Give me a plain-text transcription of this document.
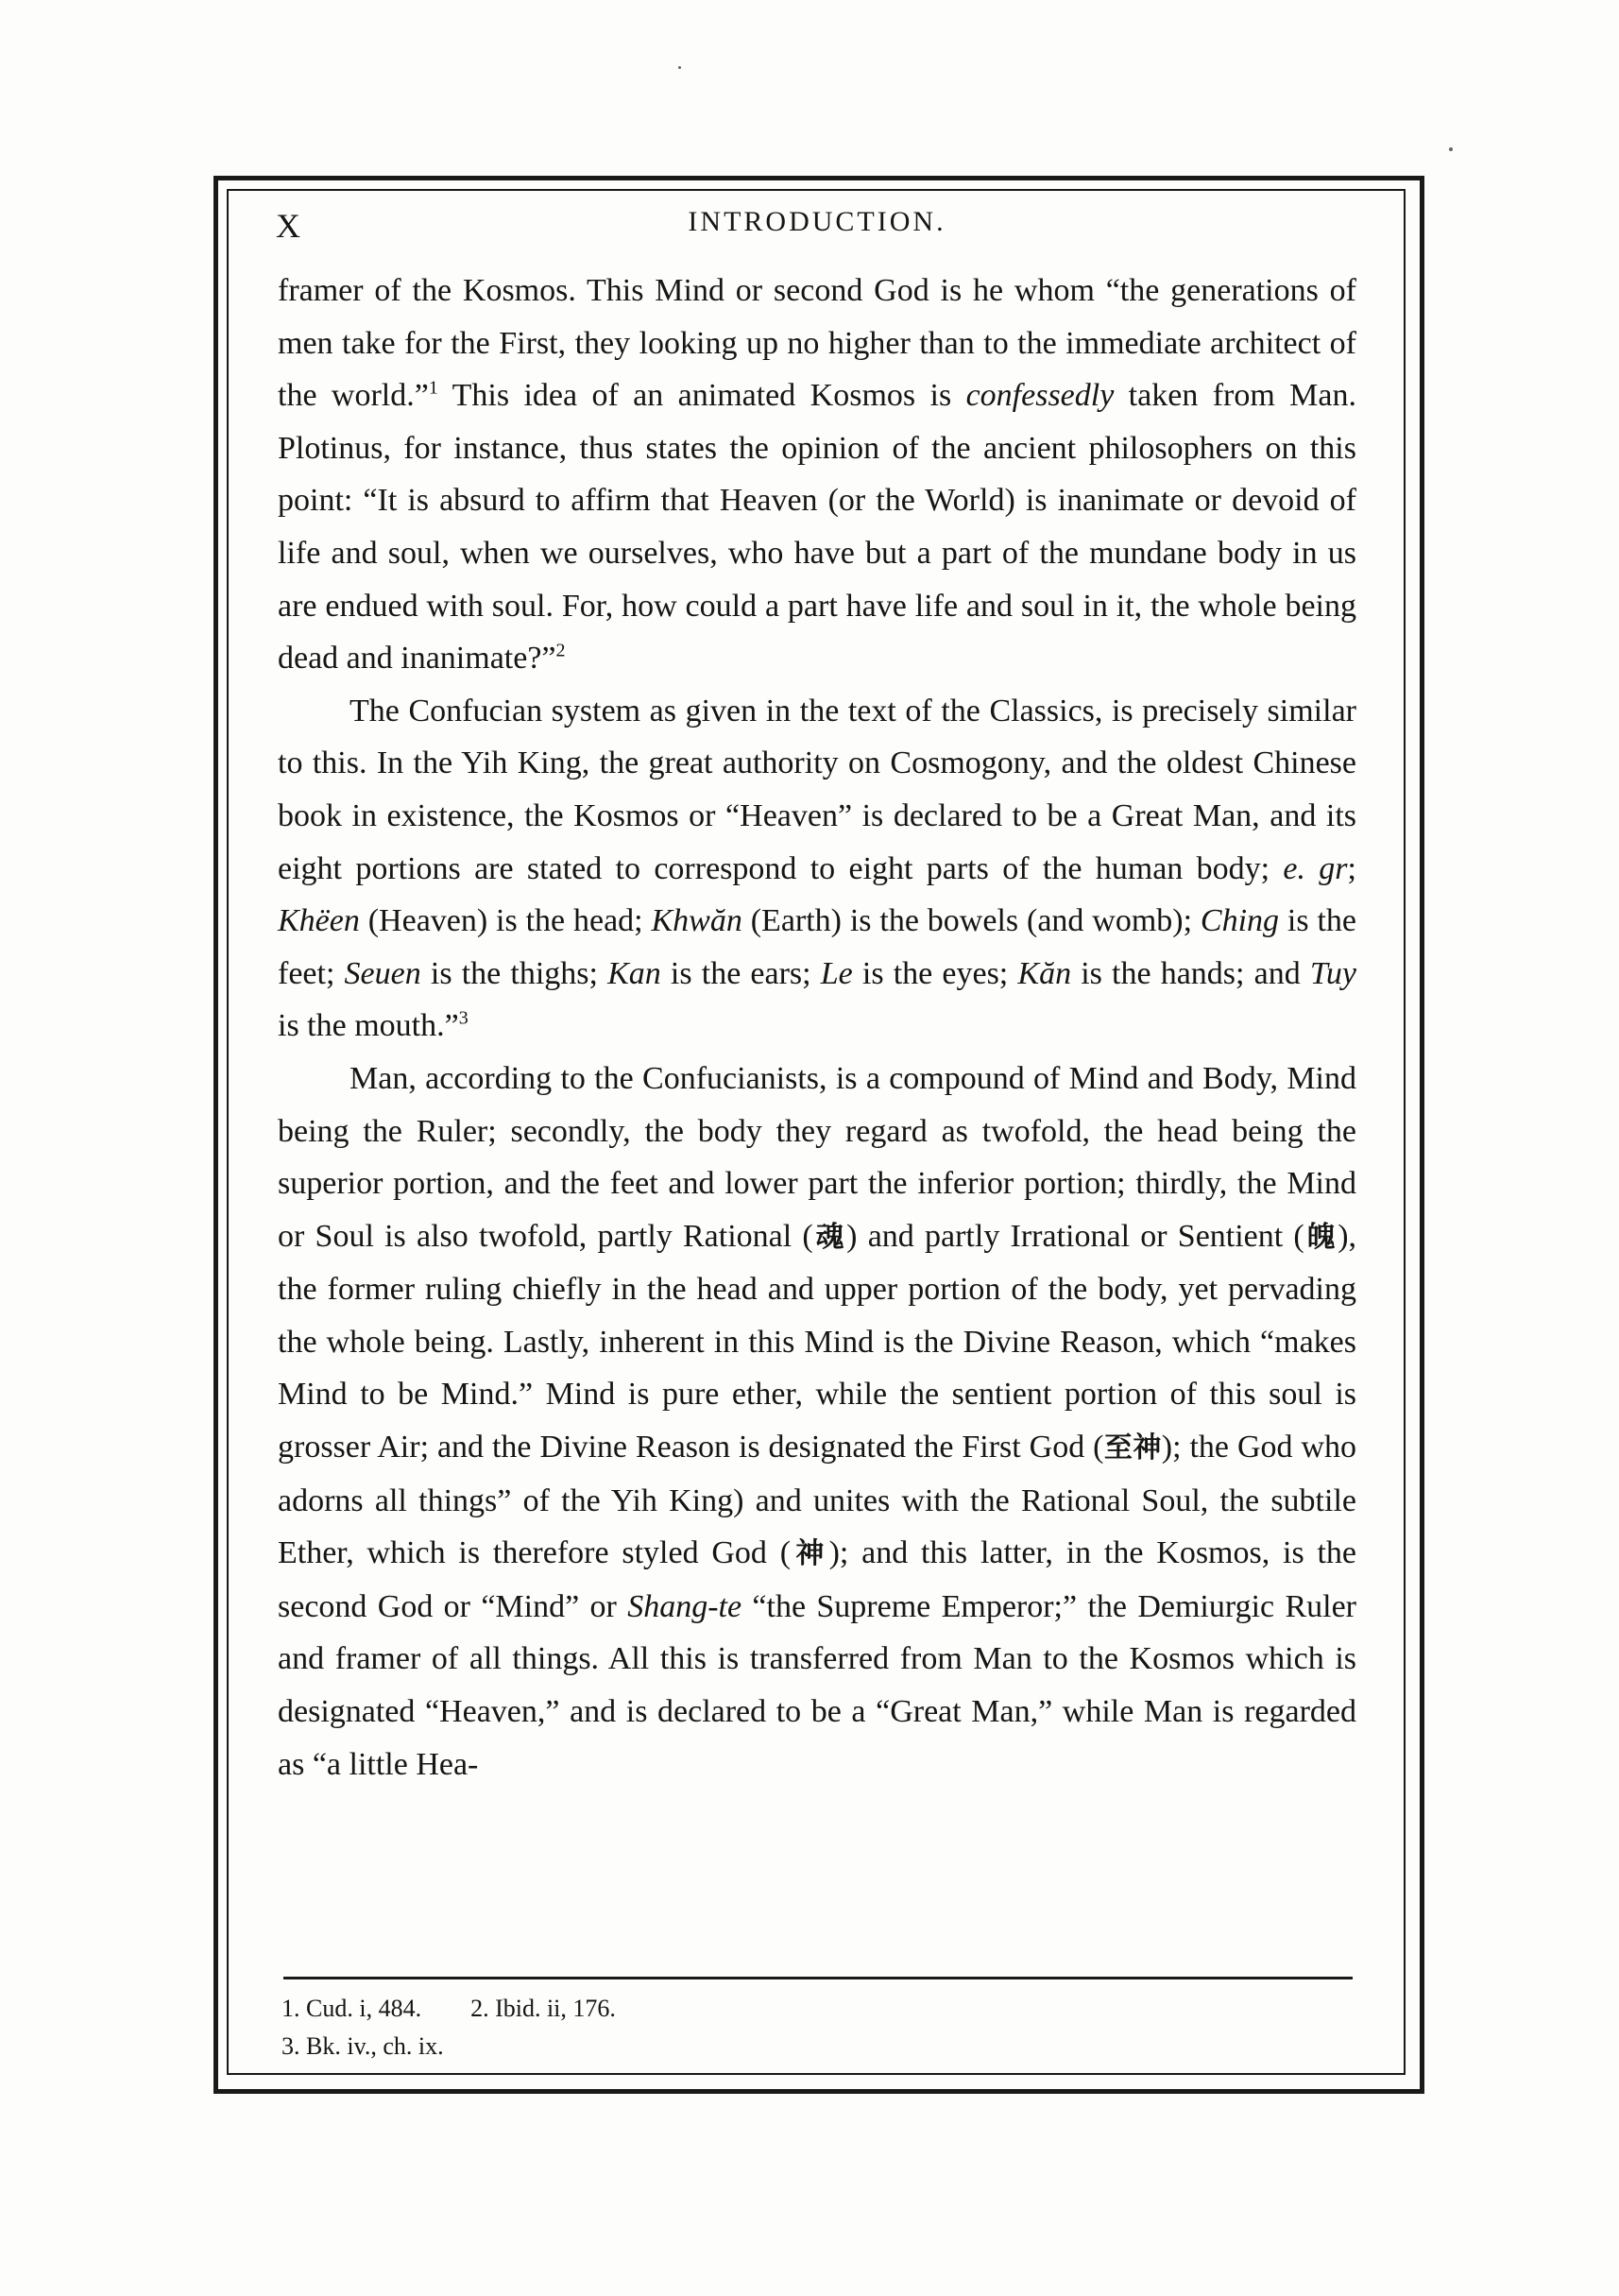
X	INTRODUCTION.

framer of the Kosmos. This Mind or second God is he whom “the generations of men take for the First, they looking up no higher than to the immediate architect of the world.”$^1$ This idea of an animated Kosmos is confessedly taken from Man. Plotinus, for instance, thus states the opinion of the ancient philosophers on this point: “It is absurd to affirm that Heaven (or the World) is inanimate or devoid of life and soul, when we ourselves, who have but a part of the mundane body in us are endued with soul. For, how could a part have life and soul in it, the whole being dead and inanimate?”$^2$

The Confucian system as given in the text of the Classics, is precisely similar to this. In the Yih King, the great authority on Cosmogony, and the oldest Chinese book in existence, the Kosmos or “Heaven” is declared to be a Great Man, and its eight portions are stated to correspond to eight parts of the human body; e. gr; Khëen (Heaven) is the head; Khwăn (Earth) is the bowels (and womb); Ching is the feet; Seuen is the thighs; Kan is the ears; Le is the eyes; Kăn is the hands; and Tuy is the mouth.”$^3$

Man, according to the Confucianists, is a compound of Mind and Body, Mind being the Ruler; secondly, the body they regard as twofold, the head being the superior portion, and the feet and lower part the inferior portion; thirdly, the Mind or Soul is also twofold, partly Rational (魂) and partly Irrational or Sentient (魄), the former ruling chiefly in the head and upper portion of the body, yet pervading the whole being. Lastly, inherent in this Mind is the Divine Reason, which “makes Mind to be Mind.” Mind is pure ether, while the sentient portion of this soul is grosser Air; and the Divine Reason is designated the First God (至神); the God who adorns all things” of the Yih King) and unites with the Rational Soul, the subtile Ether, which is therefore styled God (神); and this latter, in the Kosmos, is the second God or “Mind” or Shang-te “the Supreme Emperor;” the Demiurgic Ruler and framer of all things. All this is transferred from Man to the Kosmos which is designated “Heaven,” and is declared to be a “Great Man,” while Man is regarded as “a little Hea-

1. Cud. i, 484. 2. Ibid. ii, 176.
3. Bk. iv., ch. ix.
